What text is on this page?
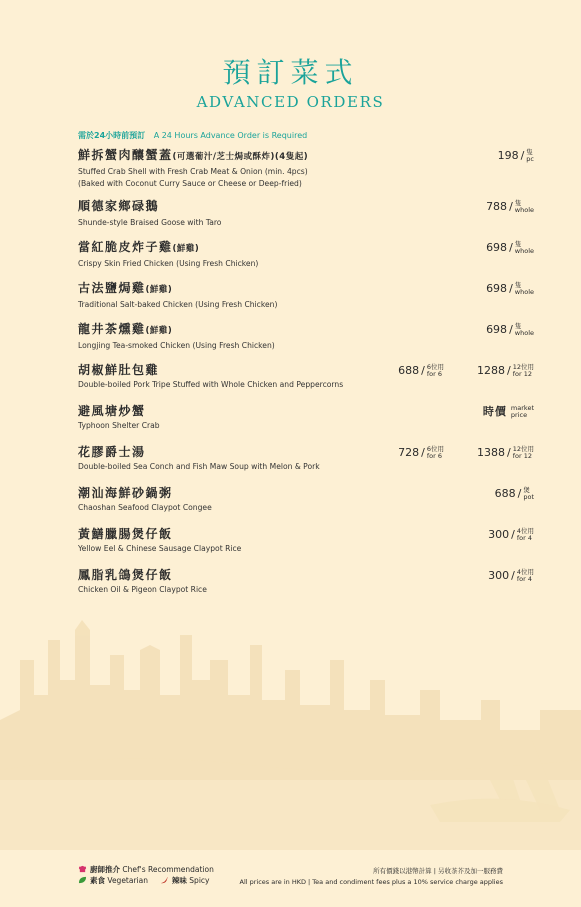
預訂菜式
ADVANCED ORDERS
需於24小時前預訂 A 24 Hours Advance Order is Required
鮮拆蟹肉釀蟹蓋(可選葡汁/芝士焗或酥炸)(4隻起)
Stuffed Crab Shell with Fresh Crab Meat & Onion (min. 4pcs)
(Baked with Coconut Curry Sauce or Cheese or Deep-fried)
198 / 隻
pc
順德家鄉碌鵝
Shunde-style Braised Goose with Taro
788 / 隻
whole
當紅脆皮炸子雞(鮮雞)
Crispy Skin Fried Chicken (Using Fresh Chicken)
698 / 隻
whole
古法鹽焗雞(鮮雞)
Traditional Salt-baked Chicken (Using Fresh Chicken)
698 / 隻
whole
龍井茶燻雞(鮮雞)
Longjing Tea-smoked Chicken (Using Fresh Chicken)
698 / 隻
whole
胡椒鮮肚包雞
Double-boiled Pork Tripe Stuffed with Whole Chicken and Peppercorns
688 / 6位用
for 6	1288 / 12位用
for 12
避風塘炒蟹
Typhoon Shelter Crab
時價 market
price
花膠爵士湯
Double-boiled Sea Conch and Fish Maw Soup with Melon & Pork
728 / 6位用
for 6	1388 / 12位用
for 12
潮汕海鮮砂鍋粥
Chaoshan Seafood Claypot Congee
688 / 煲
pot
黃鱔臘腸煲仔飯
Yellow Eel & Chinese Sausage Claypot Rice
300 / 4位用
for 4
鳳脂乳鴿煲仔飯
Chicken Oil & Pigeon Claypot Rice
300 / 4位用
for 4
廚師推介 Chef's Recommendation
素食 Vegetarian	辣味 Spicy
所有價錢以港幣計算 | 另收茶芥及加一服務費
All prices are in HKD | Tea and condiment fees plus a 10% service charge applies
